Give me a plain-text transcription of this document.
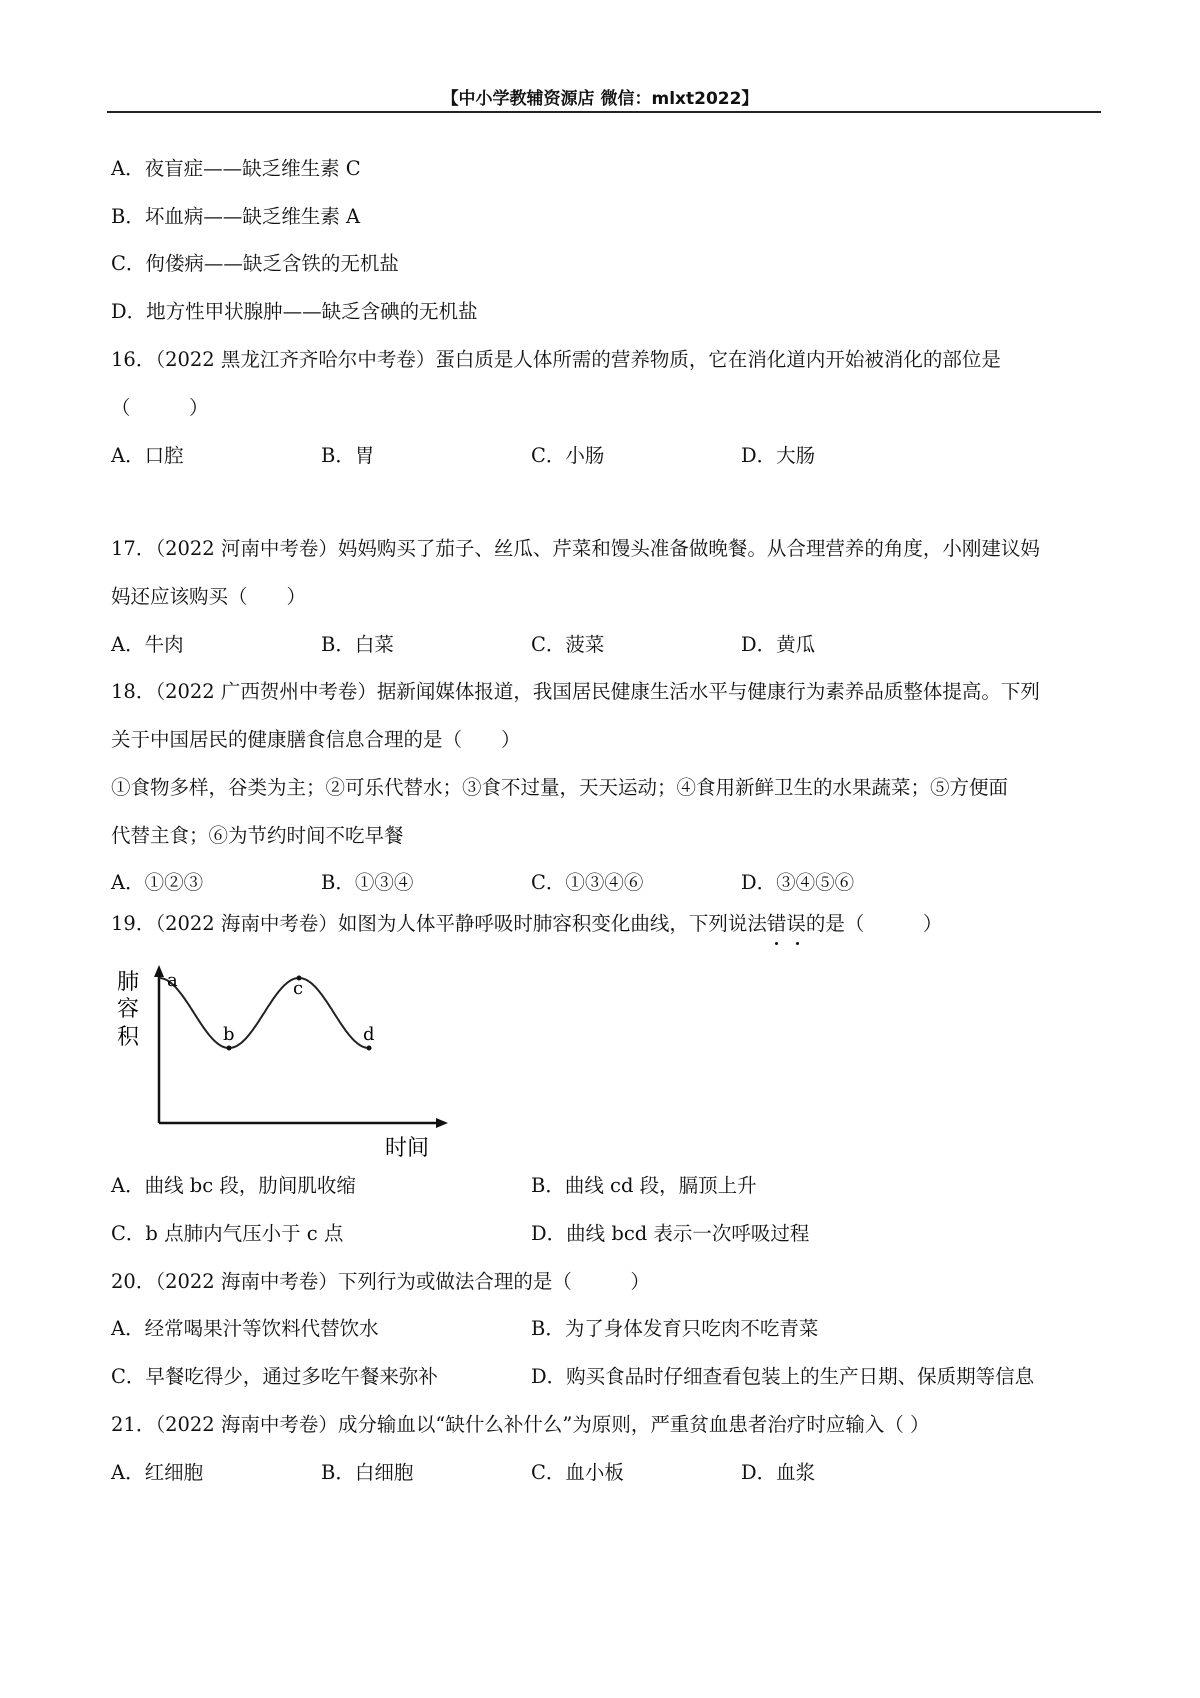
【中小学教辅资源店 微信：mlxt2022】
A．夜盲症——缺乏维生素 C
B．坏血病——缺乏维生素 A
C．佝偻病——缺乏含铁的无机盐
D．地方性甲状腺肿——缺乏含碘的无机盐
16．（2022 黑龙江齐齐哈尔中考卷）蛋白质是人体所需的营养物质，它在消化道内开始被消化的部位是
（　　　）
A．口腔	B．胃	C．小肠	D．大肠
17．（2022 河南中考卷）妈妈购买了茄子、丝瓜、芹菜和馒头准备做晚餐。从合理营养的角度，小刚建议妈
妈还应该购买（　　）
A．牛肉	B．白菜	C．菠菜	D．黄瓜
18．（2022 广西贺州中考卷）据新闻媒体报道，我国居民健康生活水平与健康行为素养品质整体提高。下列
关于中国居民的健康膳食信息合理的是（　　）
①食物多样，谷类为主；②可乐代替水；③食不过量，天天运动；④食用新鲜卫生的水果蔬菜；⑤方便面
代替主食；⑥为节约时间不吃早餐
A．①②③	B．①③④	C．①③④⑥	D．③④⑤⑥
19．（2022 海南中考卷）如图为人体平静呼吸时肺容积变化曲线，下列说法错误
的是（　　　）
肺
容
积
时间
a
b
c
d
A．曲线 bc 段，肋间肌收缩	B．曲线 cd 段，膈顶上升
C．b 点肺内气压小于 c 点	D．曲线 bcd 表示一次呼吸过程
20．（2022 海南中考卷）下列行为或做法合理的是（　　　）
A．经常喝果汁等饮料代替饮水	B．为了身体发育只吃肉不吃青菜
C．早餐吃得少，通过多吃午餐来弥补	D．购买食品时仔细查看包装上的生产日期、保质期等信息
21．（2022 海南中考卷）成分输血以“缺什么补什么”为原则，严重贫血患者治疗时应输入（ ）
A．红细胞	B．白细胞	C．血小板	D．血浆
